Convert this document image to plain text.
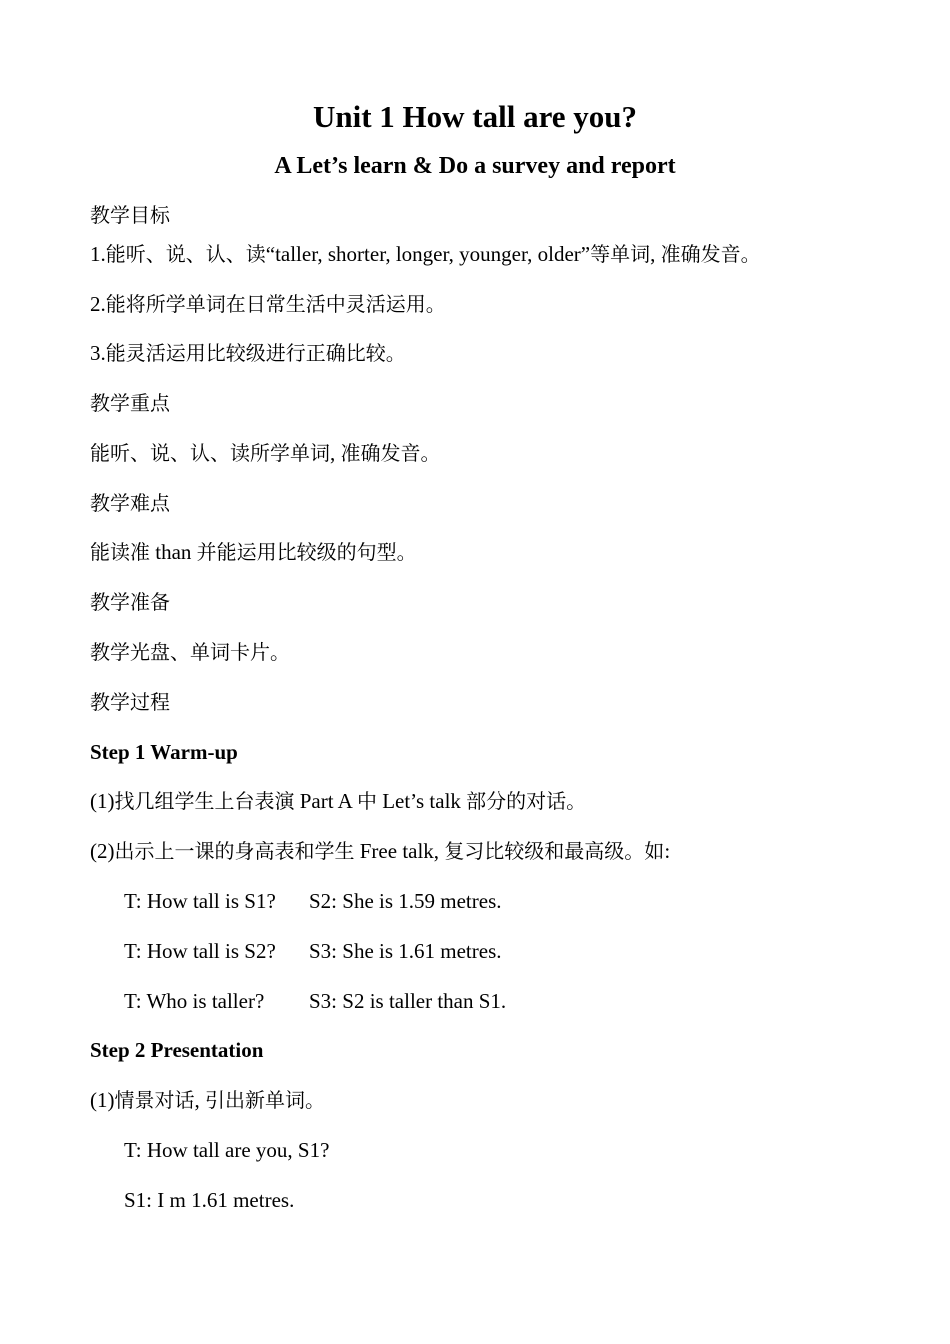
Unit 1 How tall are you?
A Let’s learn & Do a survey and report
教学目标
1.能听、说、认、读“taller, shorter, longer, younger, older”等单词, 准确发音。
2.能将所学单词在日常生活中灵活运用。
3.能灵活运用比较级进行正确比较。
教学重点
能听、说、认、读所学单词, 准确发音。
教学难点
能读准 than 并能运用比较级的句型。
教学准备
教学光盘、单词卡片。
教学过程
Step 1 Warm-up
(1)找几组学生上台表演 Part A 中 Let’s talk 部分的对话。
(2)出示上一课的身高表和学生 Free talk, 复习比较级和最高级。如:
T: How tall is S1? S2: She is 1.59 metres.
T: How tall is S2? S3: She is 1.61 metres.
T: Who is taller? S3: S2 is taller than S1.
Step 2 Presentation
(1)情景对话, 引出新单词。
T: How tall are you, S1?
S1: I m 1.61 metres.
